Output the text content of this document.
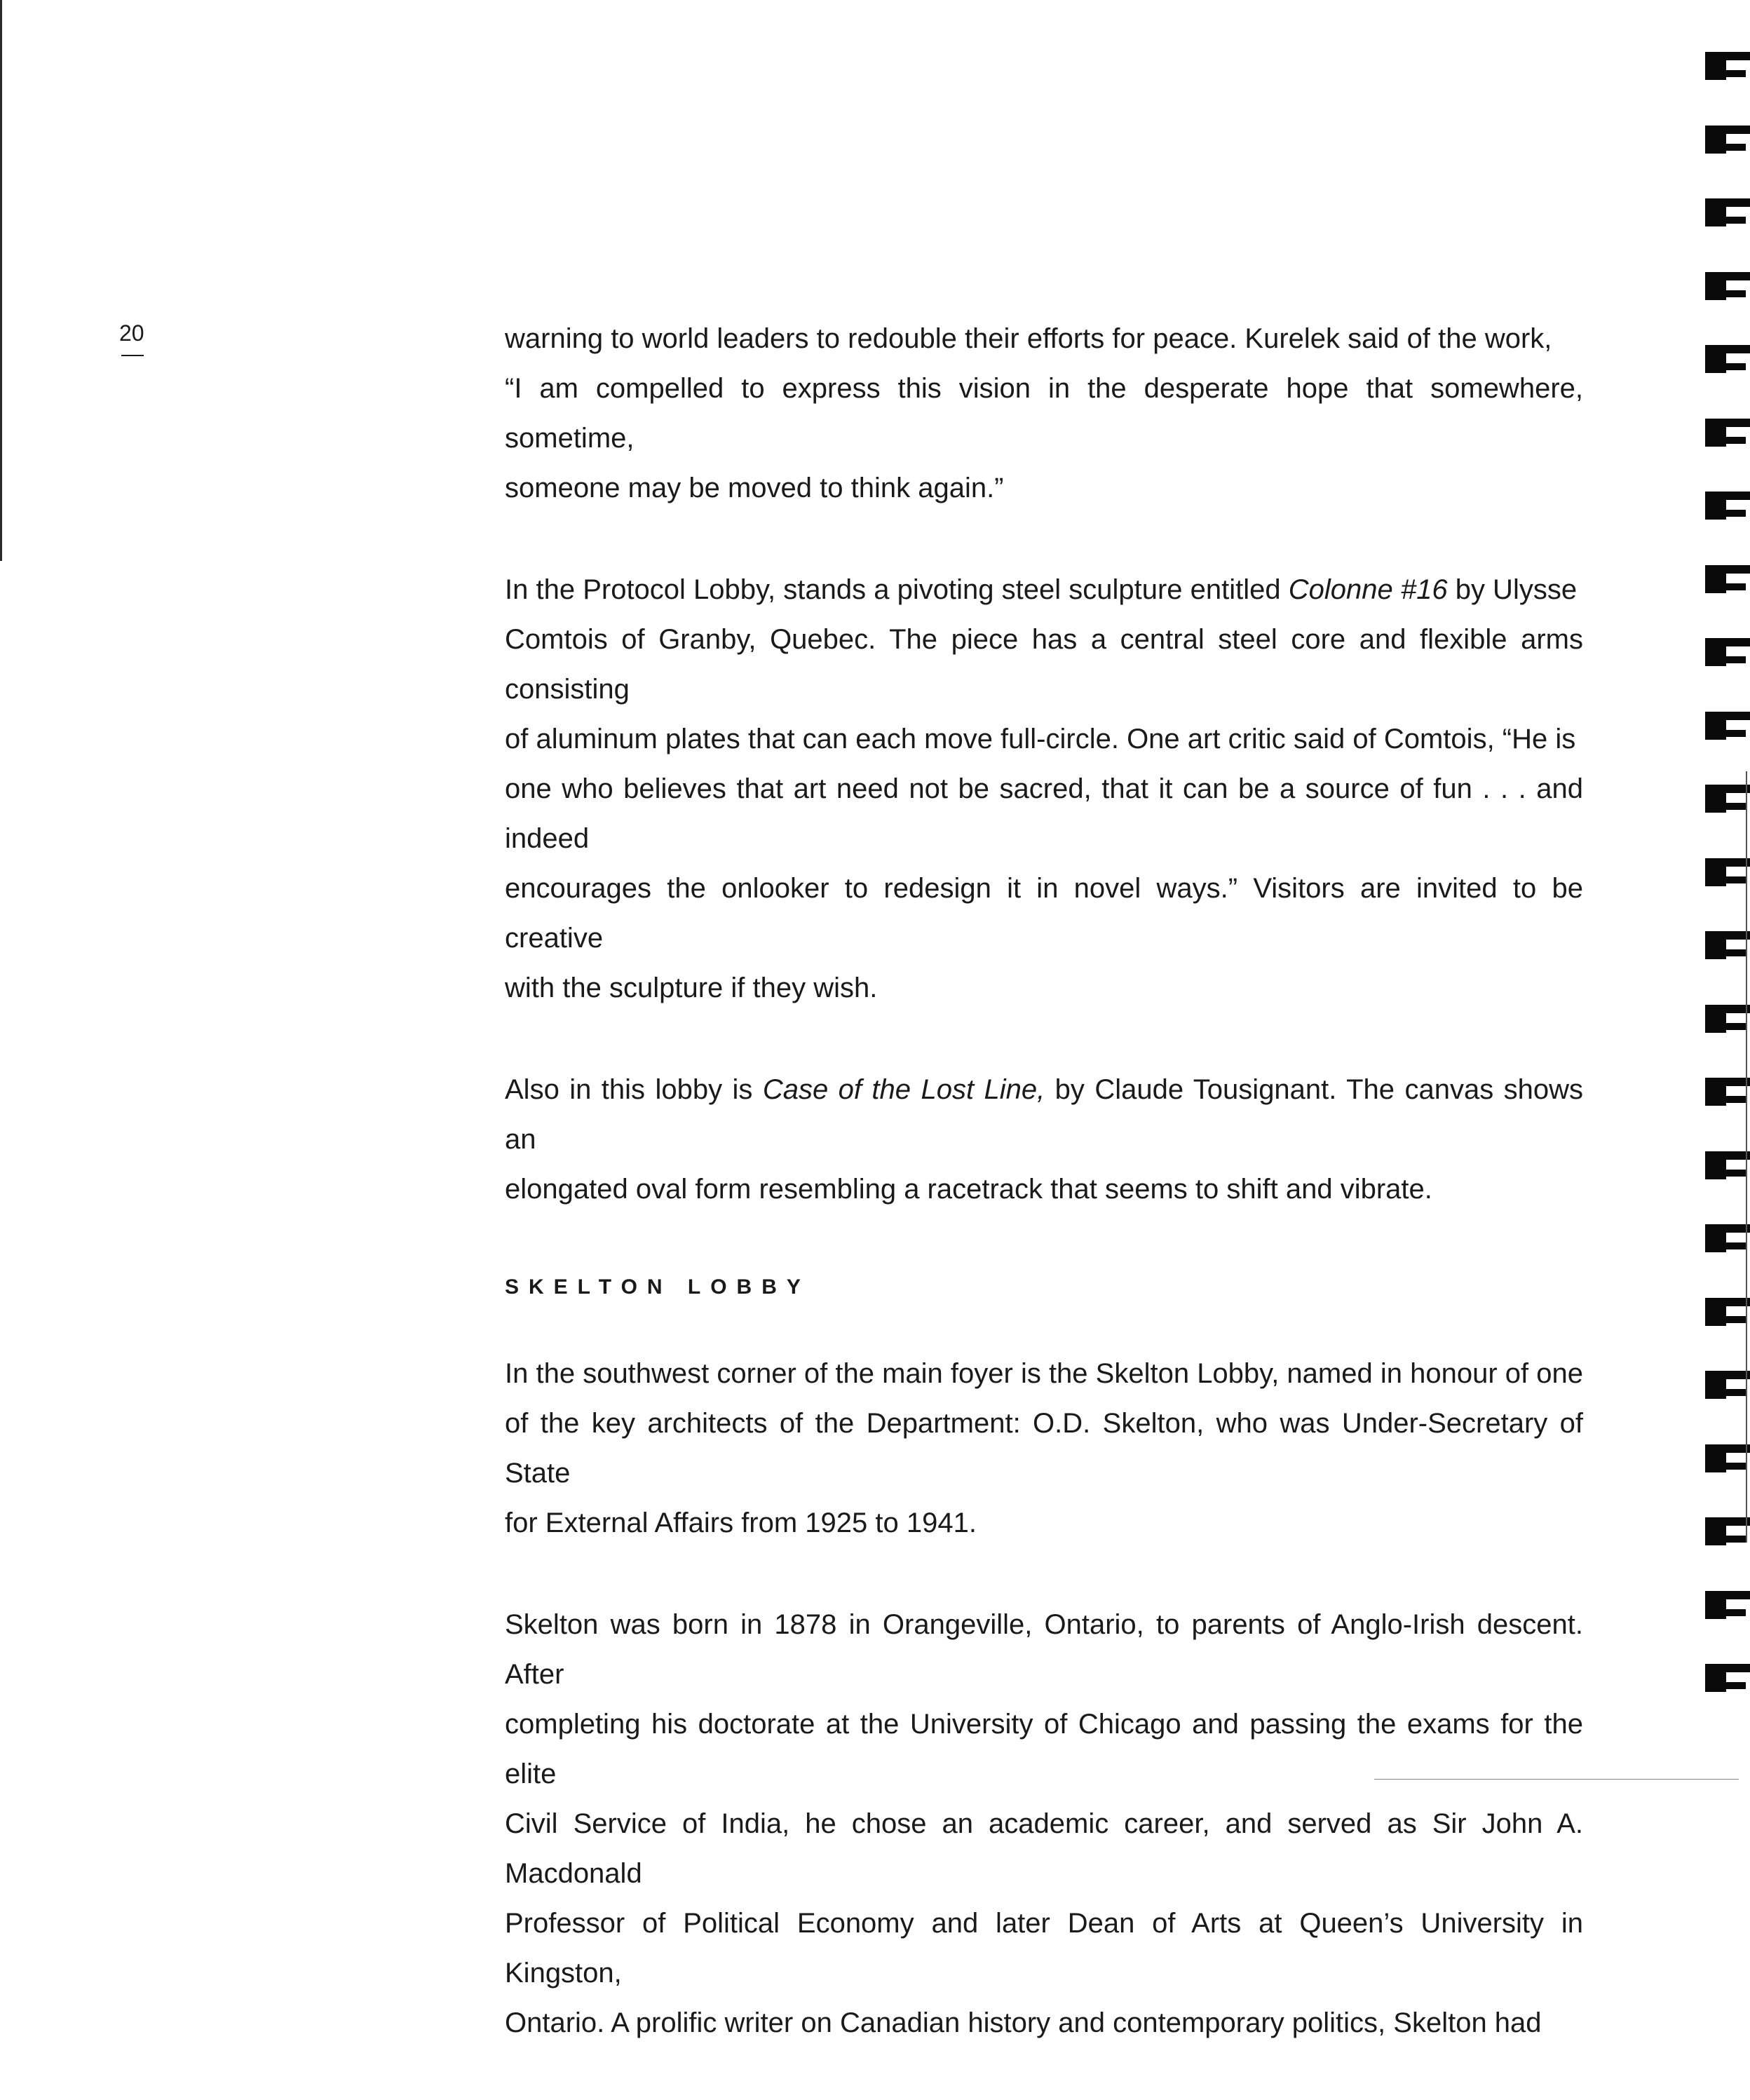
20	warning to world leaders to redouble their efforts for peace. Kurelek said of the work,
“I am compelled to express this vision in the desperate hope that somewhere, sometime,
someone may be moved to think again.”

In the Protocol Lobby, stands a pivoting steel sculpture entitled Colonne #16 by Ulysse
Comtois of Granby, Quebec. The piece has a central steel core and flexible arms consisting
of aluminum plates that can each move full-circle. One art critic said of Comtois, “He is
one who believes that art need not be sacred, that it can be a source of fun . . . and indeed
encourages the onlooker to redesign it in novel ways.” Visitors are invited to be creative
with the sculpture if they wish.

Also in this lobby is Case of the Lost Line, by Claude Tousignant. The canvas shows an
elongated oval form resembling a racetrack that seems to shift and vibrate.

SKELTON LOBBY

In the southwest corner of the main foyer is the Skelton Lobby, named in honour of one
of the key architects of the Department: O.D. Skelton, who was Under-Secretary of State
for External Affairs from 1925 to 1941.

Skelton was born in 1878 in Orangeville, Ontario, to parents of Anglo-Irish descent. After
completing his doctorate at the University of Chicago and passing the exams for the elite
Civil Service of India, he chose an academic career, and served as Sir John A. Macdonald
Professor of Political Economy and later Dean of Arts at Queen’s University in Kingston,
Ontario. A prolific writer on Canadian history and contemporary politics, Skelton had
